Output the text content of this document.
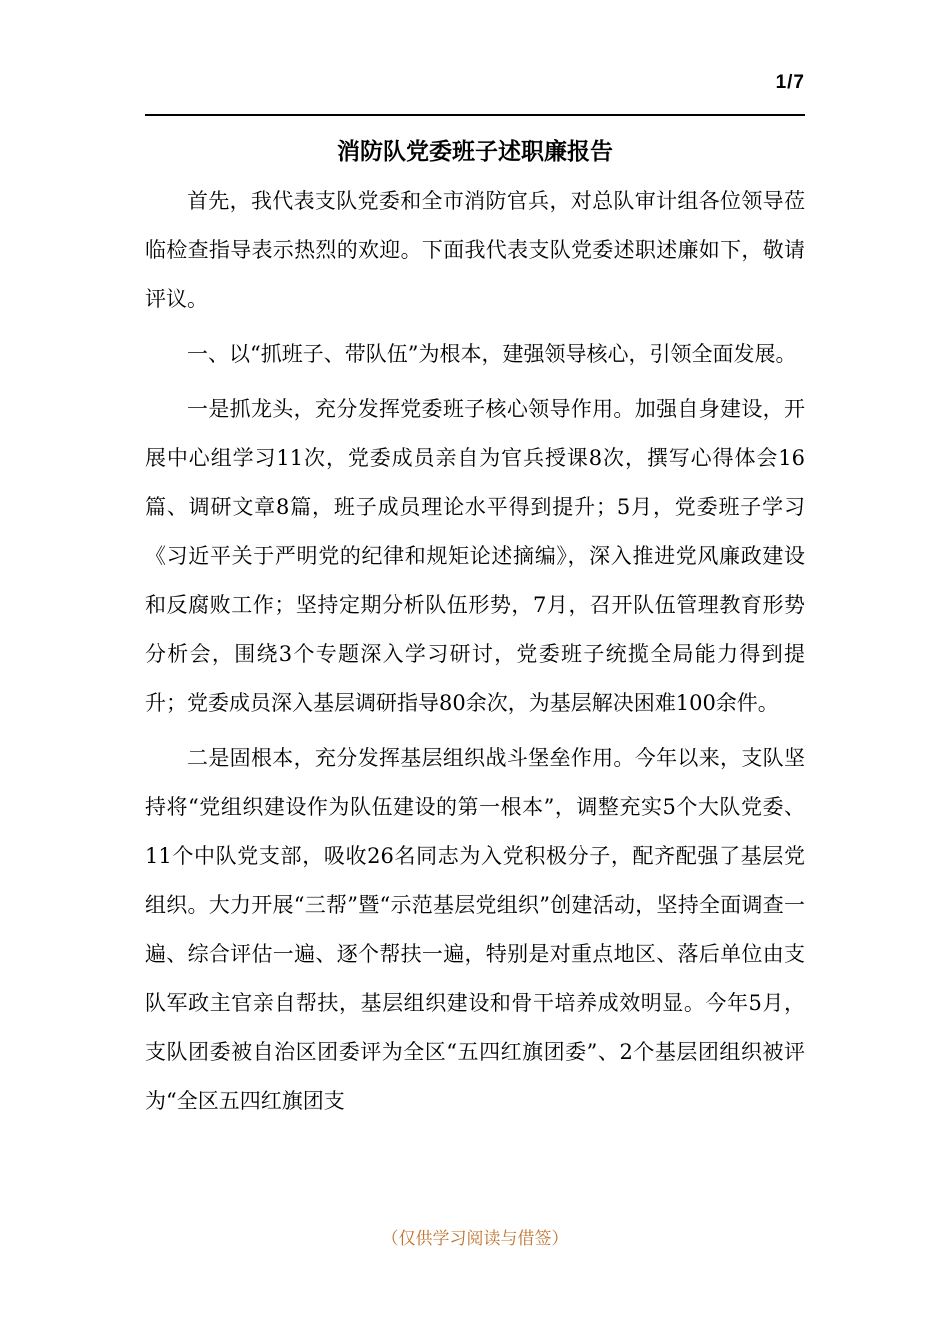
1/7
消防队党委班子述职廉报告

首先，我代表支队党委和全市消防官兵，对总队审计组各位领导莅临检查指导表示热烈的欢迎。下面我代表支队党委述职述廉如下，敬请评议。

一、以“抓班子、带队伍”为根本，建强领导核心，引领全面发展。

一是抓龙头，充分发挥党委班子核心领导作用。加强自身建设，开展中心组学习11次，党委成员亲自为官兵授课8次，撰写心得体会16篇、调研文章8篇，班子成员理论水平得到提升；5月，党委班子学习《习近平关于严明党的纪律和规矩论述摘编》，深入推进党风廉政建设和反腐败工作；坚持定期分析队伍形势，7月，召开队伍管理教育形势分析会，围绕3个专题深入学习研讨，党委班子统揽全局能力得到提升；党委成员深入基层调研指导80余次，为基层解决困难100余件。

二是固根本，充分发挥基层组织战斗堡垒作用。今年以来，支队坚持将“党组织建设作为队伍建设的第一根本”，调整充实5个大队党委、11个中队党支部，吸收26名同志为入党积极分子，配齐配强了基层党组织。大力开展“三帮”暨“示范基层党组织”创建活动，坚持全面调查一遍、综合评估一遍、逐个帮扶一遍，特别是对重点地区、落后单位由支队军政主官亲自帮扶，基层组织建设和骨干培养成效明显。今年5月，支队团委被自治区团委评为全区“五四红旗团委”、2个基层团组织被评为“全区五四红旗团支

（仅供学习阅读与借签）
